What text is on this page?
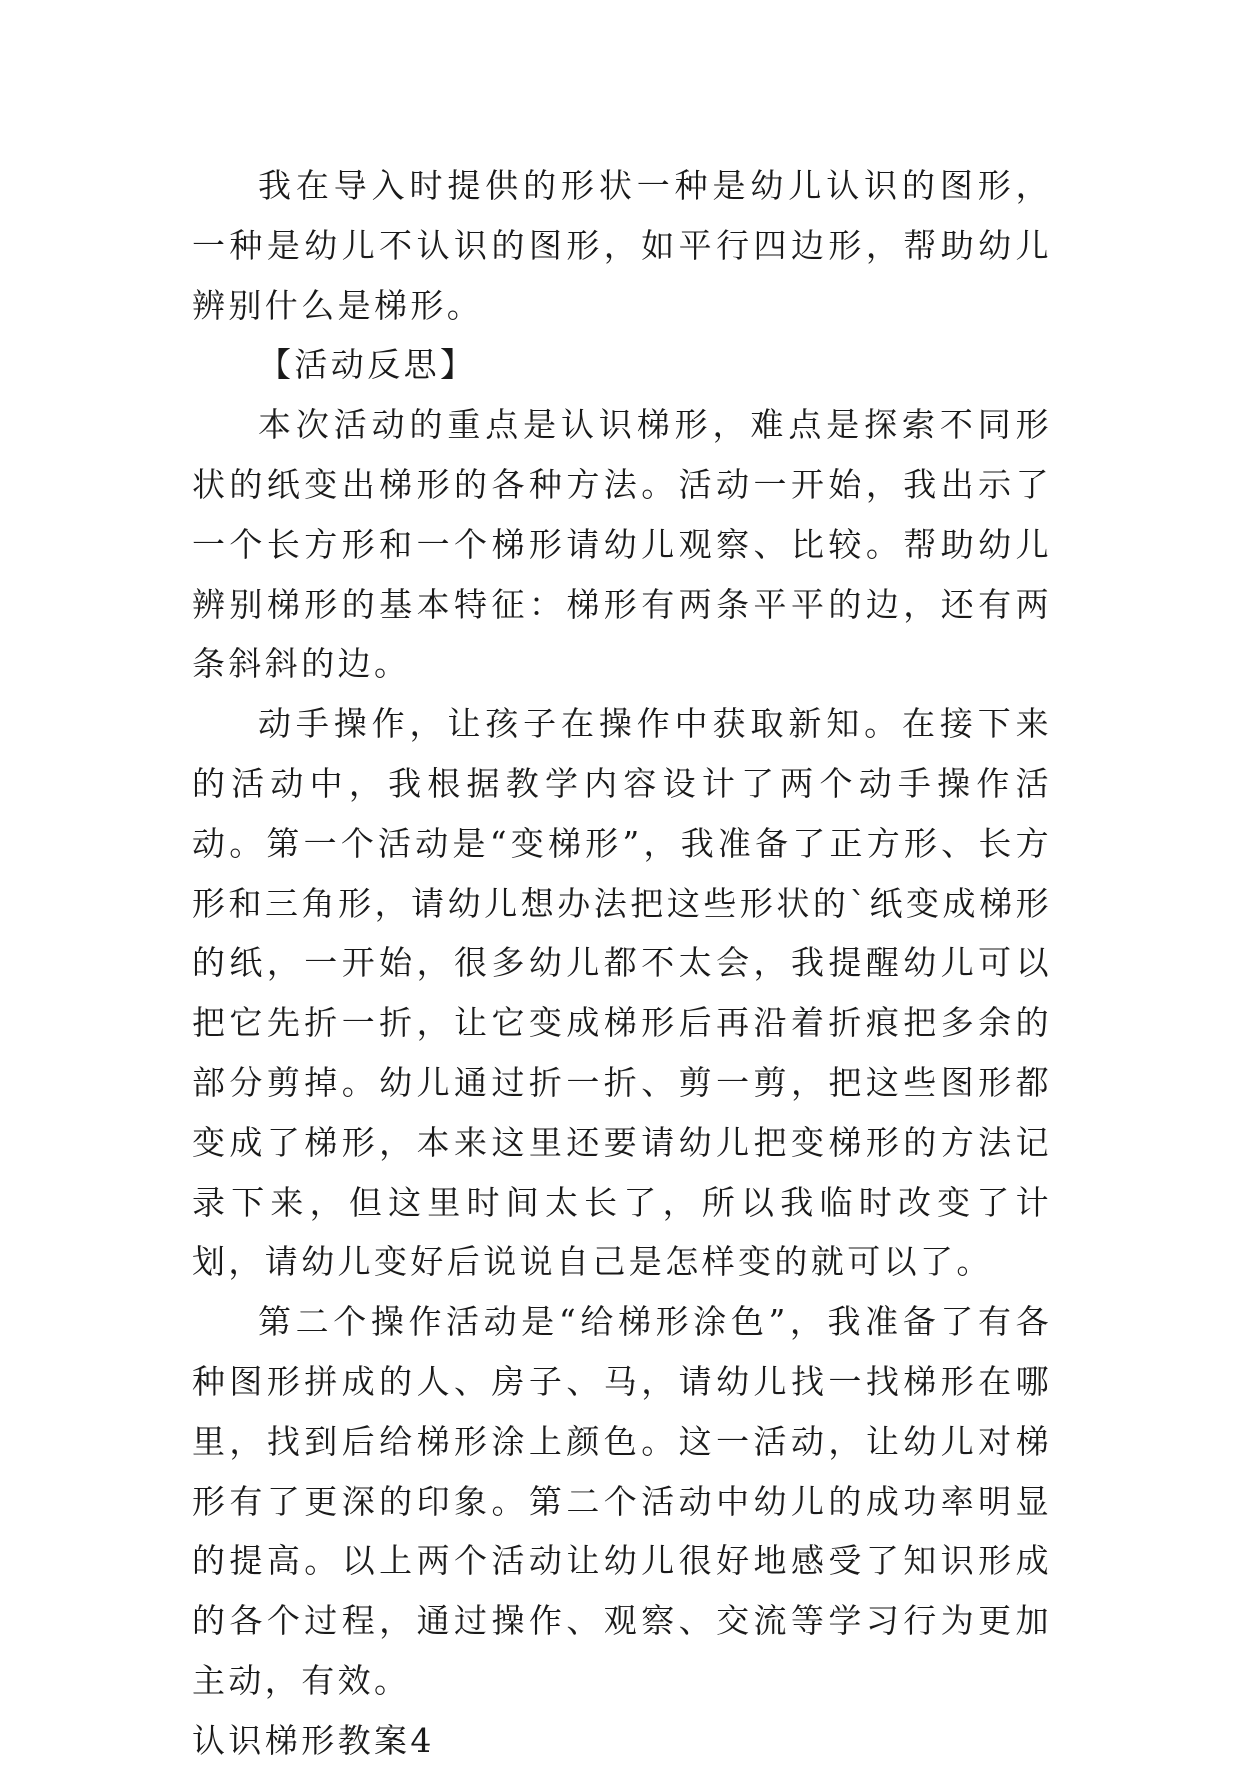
我在导入时提供的形状一种是幼儿认识的图形，一种是幼儿不认识的图形，如平行四边形，帮助幼儿辨别什么是梯形。

【活动反思】

本次活动的重点是认识梯形，难点是探索不同形状的纸变出梯形的各种方法。活动一开始，我出示了一个长方形和一个梯形请幼儿观察、比较。帮助幼儿辨别梯形的基本特征：梯形有两条平平的边，还有两条斜斜的边。

动手操作，让孩子在操作中获取新知。在接下来的活动中，我根据教学内容设计了两个动手操作活动。第一个活动是“变梯形”，我准备了正方形、长方形和三角形，请幼儿想办法把这些形状的`纸变成梯形的纸，一开始，很多幼儿都不太会，我提醒幼儿可以把它先折一折，让它变成梯形后再沿着折痕把多余的部分剪掉。幼儿通过折一折、剪一剪，把这些图形都变成了梯形，本来这里还要请幼儿把变梯形的方法记录下来，但这里时间太长了，所以我临时改变了计划，请幼儿变好后说说自己是怎样变的就可以了。

第二个操作活动是“给梯形涂色”，我准备了有各种图形拼成的人、房子、马，请幼儿找一找梯形在哪里，找到后给梯形涂上颜色。这一活动，让幼儿对梯形有了更深的印象。第二个活动中幼儿的成功率明显的提高。以上两个活动让幼儿很好地感受了知识形成的各个过程，通过操作、观察、交流等学习行为更加主动，有效。

认识梯形教案4
